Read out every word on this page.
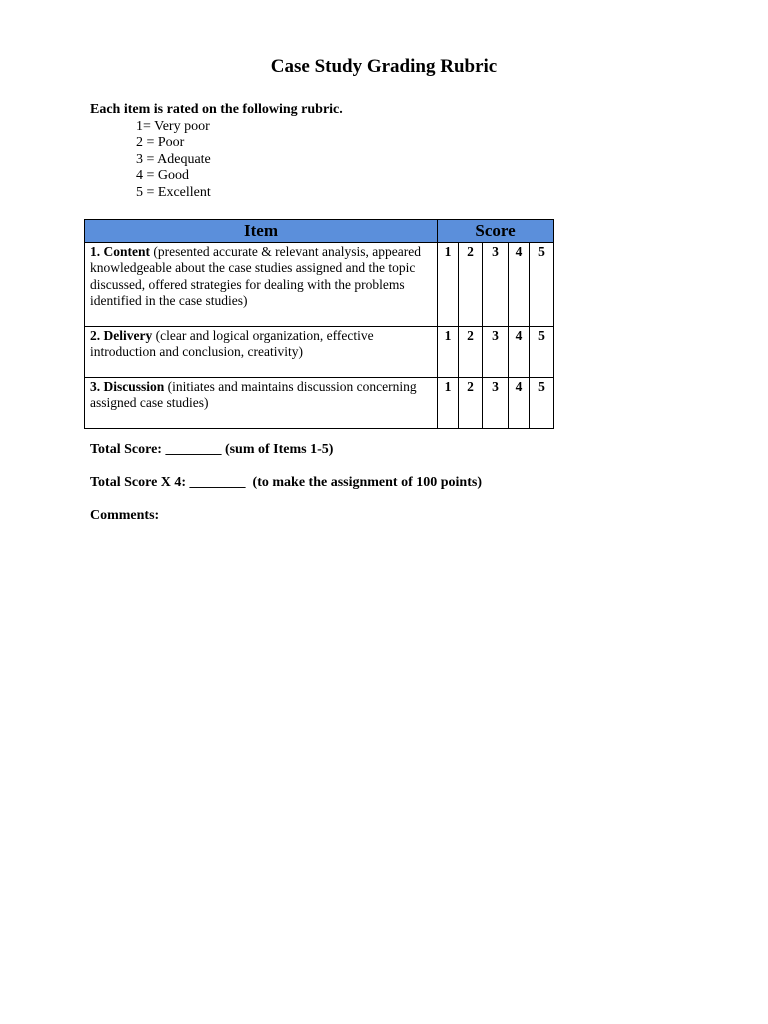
Case Study Grading Rubric
Each item is rated on the following rubric.
1= Very poor
2 = Poor
3 = Adequate
4 = Good
5 = Excellent
Item	Score				
1. Content (presented accurate & relevant analysis, appeared knowledgeable about the case studies assigned and the topic discussed, offered strategies for dealing with the problems identified in the case studies)	1	2	3	4	5
2. Delivery (clear and logical organization, effective introduction and conclusion, creativity)	1	2	3	4	5
3. Discussion (initiates and maintains discussion concerning assigned case studies)	1	2	3	4	5
Total Score: ________ (sum of Items 1-5)
Total Score X 4: ________  (to make the assignment of 100 points)
Comments:
